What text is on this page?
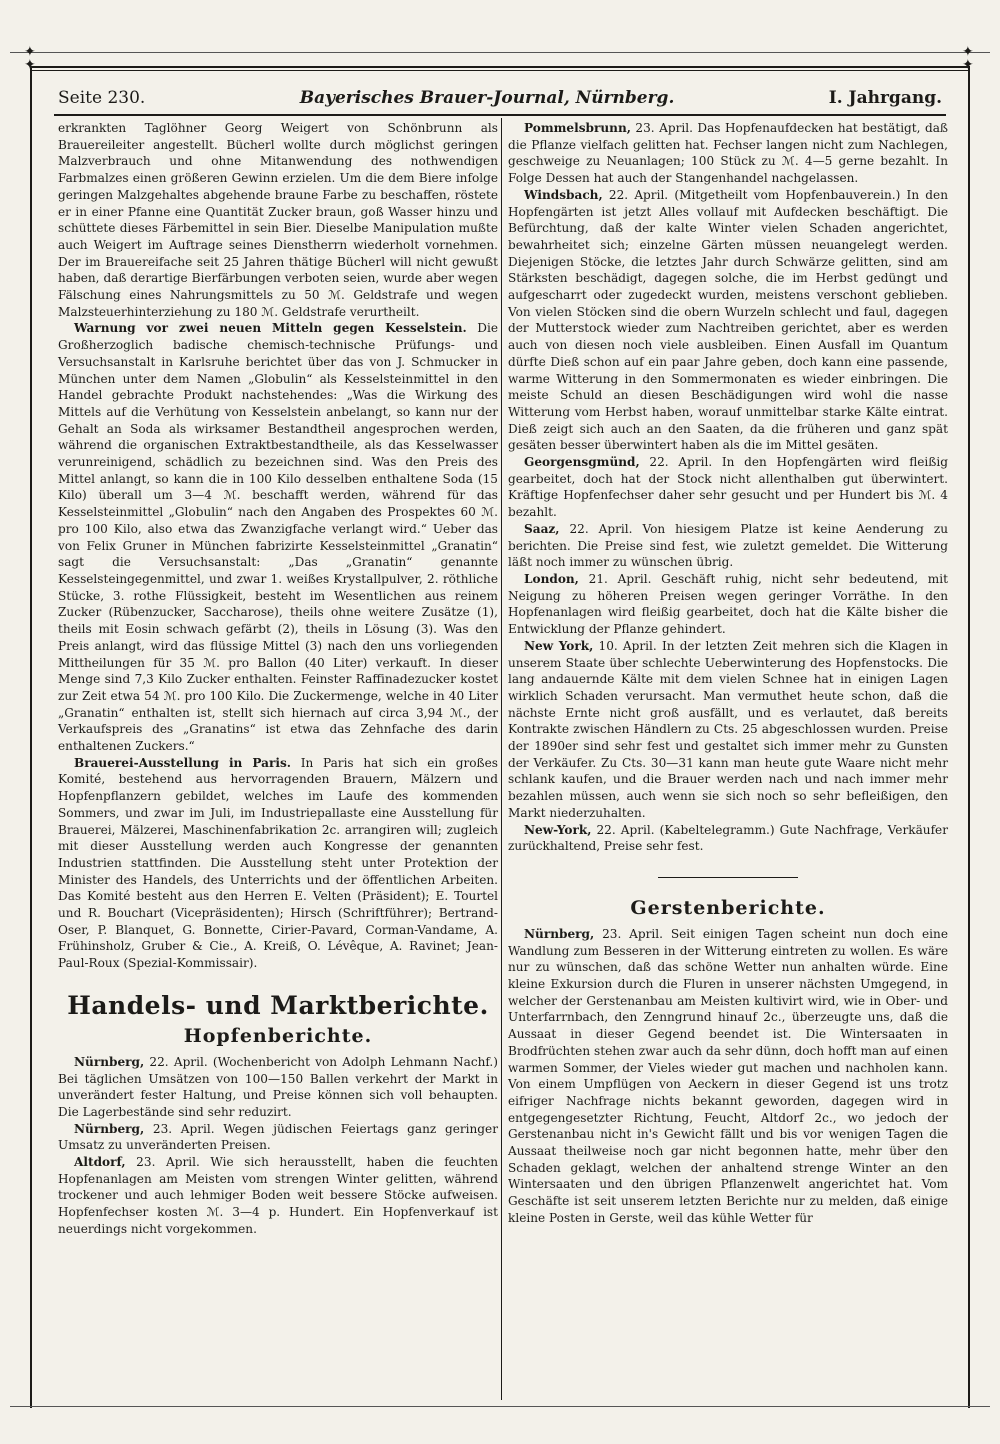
✦	✦
✦	✦
Seite 230.	Bayerisches Brauer-Journal, Nürnberg.	I. Jahrgang.

erkrankten Taglöhner Georg Weigert von Schönbrunn als Brauereileiter angestellt. Bücherl wollte durch möglichst geringen Malzverbrauch und ohne Mitanwendung des nothwendigen Farbmalzes einen größeren Gewinn erzielen. Um die dem Biere infolge geringen Malzgehaltes abgehende braune Farbe zu beschaffen, röstete er in einer Pfanne eine Quantität Zucker braun, goß Wasser hinzu und schüttete dieses Färbemittel in sein Bier. Dieselbe Manipulation mußte auch Weigert im Auftrage seines Dienstherrn wiederholt vornehmen. Der im Brauereifache seit 25 Jahren thätige Bücherl will nicht gewußt haben, daß derartige Bierfärbungen verboten seien, wurde aber wegen Fälschung eines Nahrungsmittels zu 50 ℳ. Geldstrafe und wegen Malzsteuerhinterziehung zu 180 ℳ. Geldstrafe verurtheilt.

Warnung vor zwei neuen Mitteln gegen Kesselstein. Die Großherzoglich badische chemisch-technische Prüfungs- und Versuchsanstalt in Karlsruhe berichtet über das von J. Schmucker in München unter dem Namen „Globulin“ als Kesselsteinmittel in den Handel gebrachte Produkt nachstehendes: „Was die Wirkung des Mittels auf die Verhütung von Kesselstein anbelangt, so kann nur der Gehalt an Soda als wirksamer Bestandtheil angesprochen werden, während die organischen Extraktbestandtheile, als das Kesselwasser verunreinigend, schädlich zu bezeichnen sind. Was den Preis des Mittel anlangt, so kann die in 100 Kilo desselben enthaltene Soda (15 Kilo) überall um 3—4 ℳ. beschafft werden, während für das Kesselsteinmittel „Globulin“ nach den Angaben des Prospektes 60 ℳ. pro 100 Kilo, also etwa das Zwanzigfache verlangt wird.“ Ueber das von Felix Gruner in München fabrizirte Kesselsteinmittel „Granatin“ sagt die Versuchsanstalt: „Das „Granatin“ genannte Kesselsteingegenmittel, und zwar 1. weißes Krystallpulver, 2. röthliche Stücke, 3. rothe Flüssigkeit, besteht im Wesentlichen aus reinem Zucker (Rübenzucker, Saccharose), theils ohne weitere Zusätze (1), theils mit Eosin schwach gefärbt (2), theils in Lösung (3). Was den Preis anlangt, wird das flüssige Mittel (3) nach den uns vorliegenden Mittheilungen für 35 ℳ. pro Ballon (40 Liter) verkauft. In dieser Menge sind 7,3 Kilo Zucker enthalten. Feinster Raffinadezucker kostet zur Zeit etwa 54 ℳ. pro 100 Kilo. Die Zuckermenge, welche in 40 Liter „Granatin“ enthalten ist, stellt sich hiernach auf circa 3,94 ℳ., der Verkaufspreis des „Granatins“ ist etwa das Zehnfache des darin enthaltenen Zuckers.“

Brauerei-Ausstellung in Paris. In Paris hat sich ein großes Komité, bestehend aus hervorragenden Brauern, Mälzern und Hopfenpflanzern gebildet, welches im Laufe des kommenden Sommers, und zwar im Juli, im Industriepallaste eine Ausstellung für Brauerei, Mälzerei, Maschinenfabrikation 2c. arrangiren will; zugleich mit dieser Ausstellung werden auch Kongresse der genannten Industrien stattfinden. Die Ausstellung steht unter Protektion der Minister des Handels, des Unterrichts und der öffentlichen Arbeiten. Das Komité besteht aus den Herren E. Velten (Präsident); E. Tourtel und R. Bouchart (Vicepräsidenten); Hirsch (Schriftführer); Bertrand-Oser, P. Blanquet, G. Bonnette, Cirier-Pavard, Corman-Vandame, A. Frühinsholz, Gruber & Cie., A. Kreiß, O. Lévêque, A. Ravinet; Jean-Paul-Roux (Spezial-Kommissair).

Handels- und Marktberichte.
Hopfenberichte.

Nürnberg, 22. April. (Wochenbericht von Adolph Lehmann Nachf.) Bei täglichen Umsätzen von 100—150 Ballen verkehrt der Markt in unverändert fester Haltung, und Preise können sich voll behaupten. Die Lagerbestände sind sehr reduzirt.

Nürnberg, 23. April. Wegen jüdischen Feiertags ganz geringer Umsatz zu unveränderten Preisen.

Altdorf, 23. April. Wie sich herausstellt, haben die feuchten Hopfenanlagen am Meisten vom strengen Winter gelitten, während trockener und auch lehmiger Boden weit bessere Stöcke aufweisen. Hopfenfechser kosten ℳ. 3—4 p. Hundert. Ein Hopfenverkauf ist neuerdings nicht vorgekommen.

Pommelsbrunn, 23. April. Das Hopfenaufdecken hat bestätigt, daß die Pflanze vielfach gelitten hat. Fechser langen nicht zum Nachlegen, geschweige zu Neuanlagen; 100 Stück zu ℳ. 4—5 gerne bezahlt. In Folge Dessen hat auch der Stangenhandel nachgelassen.

Windsbach, 22. April. (Mitgetheilt vom Hopfenbauverein.) In den Hopfengärten ist jetzt Alles vollauf mit Aufdecken beschäftigt. Die Befürchtung, daß der kalte Winter vielen Schaden angerichtet, bewahrheitet sich; einzelne Gärten müssen neuangelegt werden. Diejenigen Stöcke, die letztes Jahr durch Schwärze gelitten, sind am Stärksten beschädigt, dagegen solche, die im Herbst gedüngt und aufgescharrt oder zugedeckt wurden, meistens verschont geblieben. Von vielen Stöcken sind die obern Wurzeln schlecht und faul, dagegen der Mutterstock wieder zum Nachtreiben gerichtet, aber es werden auch von diesen noch viele ausbleiben. Einen Ausfall im Quantum dürfte Dieß schon auf ein paar Jahre geben, doch kann eine passende, warme Witterung in den Sommermonaten es wieder einbringen. Die meiste Schuld an diesen Beschädigungen wird wohl die nasse Witterung vom Herbst haben, worauf unmittelbar starke Kälte eintrat. Dieß zeigt sich auch an den Saaten, da die früheren und ganz spät gesäten besser überwintert haben als die im Mittel gesäten.

Georgensgmünd, 22. April. In den Hopfengärten wird fleißig gearbeitet, doch hat der Stock nicht allenthalben gut überwintert. Kräftige Hopfenfechser daher sehr gesucht und per Hundert bis ℳ. 4 bezahlt.

Saaz, 22. April. Von hiesigem Platze ist keine Aenderung zu berichten. Die Preise sind fest, wie zuletzt gemeldet. Die Witterung läßt noch immer zu wünschen übrig.

London, 21. April. Geschäft ruhig, nicht sehr bedeutend, mit Neigung zu höheren Preisen wegen geringer Vorräthe. In den Hopfenanlagen wird fleißig gearbeitet, doch hat die Kälte bisher die Entwicklung der Pflanze gehindert.

New York, 10. April. In der letzten Zeit mehren sich die Klagen in unserem Staate über schlechte Ueberwinterung des Hopfenstocks. Die lang andauernde Kälte mit dem vielen Schnee hat in einigen Lagen wirklich Schaden verursacht. Man vermuthet heute schon, daß die nächste Ernte nicht groß ausfällt, und es verlautet, daß bereits Kontrakte zwischen Händlern zu Cts. 25 abgeschlossen wurden. Preise der 1890er sind sehr fest und gestaltet sich immer mehr zu Gunsten der Verkäufer. Zu Cts. 30—31 kann man heute gute Waare nicht mehr schlank kaufen, und die Brauer werden nach und nach immer mehr bezahlen müssen, auch wenn sie sich noch so sehr befleißigen, den Markt niederzuhalten.

New-York, 22. April. (Kabeltelegramm.) Gute Nachfrage, Verkäufer zurückhaltend, Preise sehr fest.

Gerstenberichte.

Nürnberg, 23. April. Seit einigen Tagen scheint nun doch eine Wandlung zum Besseren in der Witterung eintreten zu wollen. Es wäre nur zu wünschen, daß das schöne Wetter nun anhalten würde. Eine kleine Exkursion durch die Fluren in unserer nächsten Umgegend, in welcher der Gerstenanbau am Meisten kultivirt wird, wie in Ober- und Unterfarrnbach, den Zenngrund hinauf 2c., überzeugte uns, daß die Aussaat in dieser Gegend beendet ist. Die Wintersaaten in Brodfrüchten stehen zwar auch da sehr dünn, doch hofft man auf einen warmen Sommer, der Vieles wieder gut machen und nachholen kann. Von einem Umpflügen von Aeckern in dieser Gegend ist uns trotz eifriger Nachfrage nichts bekannt geworden, dagegen wird in entgegengesetzter Richtung, Feucht, Altdorf 2c., wo jedoch der Gerstenanbau nicht in's Gewicht fällt und bis vor wenigen Tagen die Aussaat theilweise noch gar nicht begonnen hatte, mehr über den Schaden geklagt, welchen der anhaltend strenge Winter an den Wintersaaten und den übrigen Pflanzenwelt angerichtet hat. Vom Geschäfte ist seit unserem letzten Berichte nur zu melden, daß einige kleine Posten in Gerste, weil das kühle Wetter für
